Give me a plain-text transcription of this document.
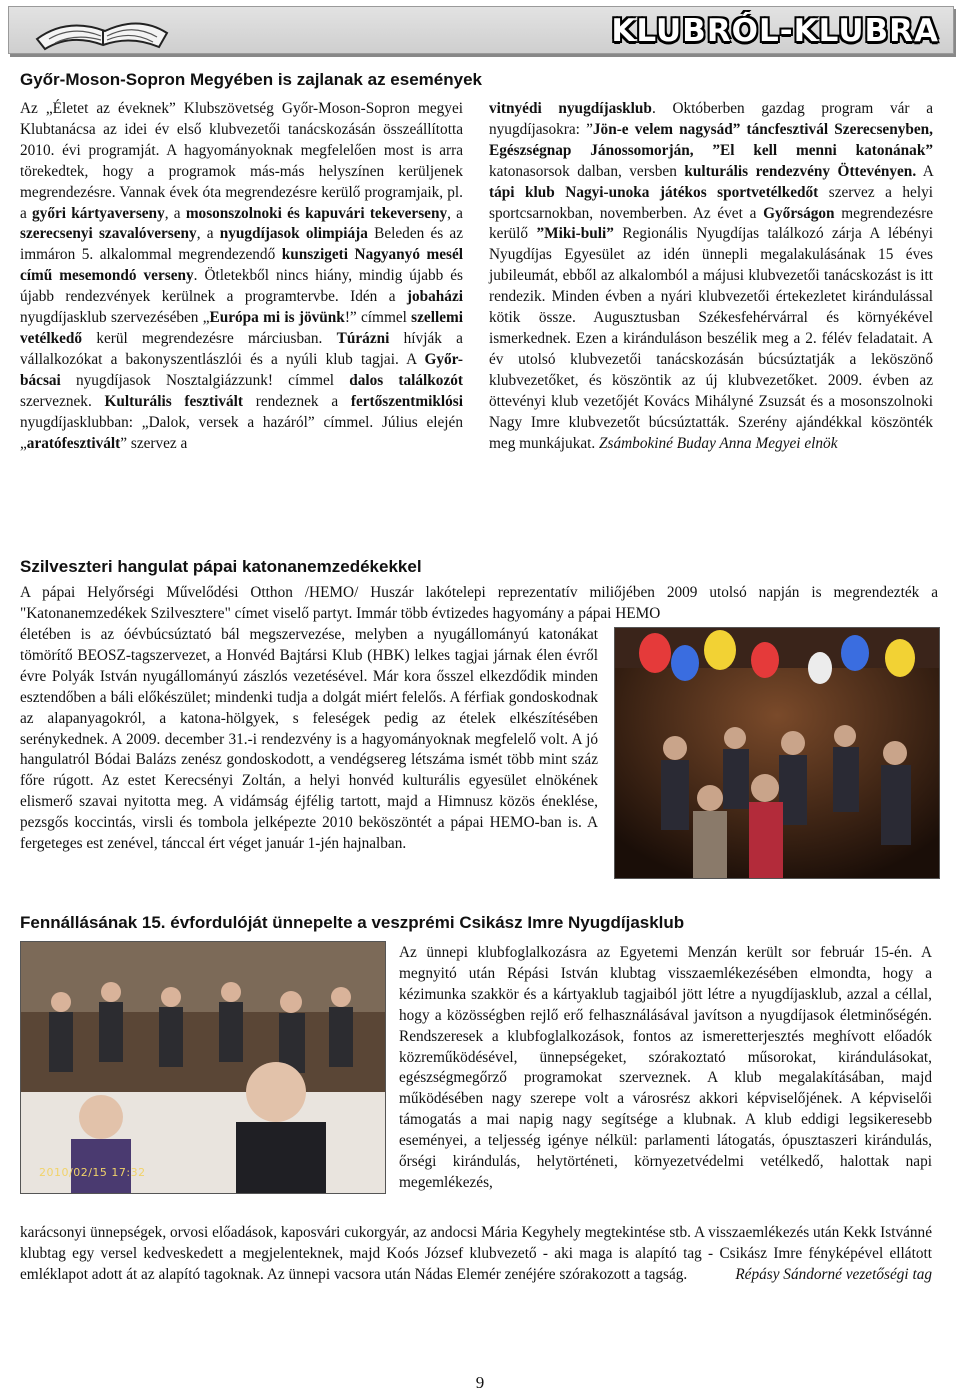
KLUBRÓL-KLUBRA
Győr-Moson-Sopron Megyében is zajlanak az események

Az „Életet az éveknek” Klubszövetség Győr-Moson-Sopron megyei Klubtanácsa az idei év első klubvezetői tanácskozásán összeállította 2010. évi programját. A hagyományoknak megfelelően most is arra törekedtek, hogy a programok más-más helyszínen kerüljenek megrendezésre. Vannak évek óta megrendezésre kerülő programjaik, pl. a győri kártyaverseny, a mosonszolnoki és kapuvári tekeverseny, a szerecsenyi szavalóverseny, a nyugdíjasok olimpiája Beleden és az immáron 5. alkalommal megrendezendő kunszigeti Nagyanyó mesél című mesemondó verseny. Ötletekből nincs hiány, mindig újabb és újabb rendezvények kerülnek a programtervbe. Idén a jobaházi nyugdíjasklub szervezésében „Európa mi is jövünk!” címmel szellemi vetélkedő kerül megrendezésre márciusban. Túrázni hívják a vállalkozókat a bakonyszentlászlói és a nyúli klub tagjai. A Győr-bácsai nyugdíjasok Nosztalgiázzunk! címmel dalos találkozót szerveznek. Kulturális fesztivált rendeznek a fertőszentmiklósi nyugdíjasklubban: „Dalok, versek a hazáról” címmel. Július elején „aratófesztivált” szervez a

vitnyédi nyugdíjasklub. Októberben gazdag program vár a nyugdíjasokra: ”Jön-e velem nagysád” táncfesztivál Szerecsenyben, Egészségnap Jánossomorján, ”El kell menni katonának” katonasorsok dalban, versben kulturális rendezvény Öttevényen. A tápi klub Nagyi-unoka játékos sportvetélkedőt szervez a helyi sportcsarnokban, novemberben. Az évet a Győrságon megrendezésre kerülő ”Miki-buli” Regionális Nyugdíjas találkozó zárja A lébényi Nyugdíjas Egyesület az idén ünnepli megalakulásának 15 éves jubileumát, ebből az alkalomból a májusi klubvezetői tanácskozást is itt rendezik. Minden évben a nyári klubvezetői értekezletet kirándulással kötik össze. Augusztusban Székesfehérvárral és környékével ismerkednek. Ezen a kiránduláson beszélik meg a 2. félév feladatait. A év utolsó klubvezetői tanácskozásán búcsúztatják a leköszönő klubvezetőket, és köszöntik az új klubvezetőket. 2009. évben az öttevényi klub vezetőjét Kovács Mihályné Zsuzsát és a mosonszolnoki Nagy Imre klubvezetőt búcsúztatták. Szerény ajándékkal köszönték meg munkájukat. Zsámbokiné Buday Anna Megyei elnök

Szilveszteri hangulat pápai katonanemzedékekkel

A pápai Helyőrségi Művelődési Otthon /HEMO/ Huszár lakótelepi reprezentatív miliőjében 2009 utolsó napján is megrendezték a "Katonanemzedékek Szilvesztere" címet viselő partyt. Immár több évtizedes hagyomány a pápai HEMO

életében is az óévbúcsúztató bál megszervezése, melyben a nyugállományú katonákat tömörítő BEOSZ-tagszervezet, a Honvéd Bajtársi Klub (HBK) lelkes tagjai járnak élen évről évre Polyák István nyugállományú zászlós vezetésével. Már kora ősszel elkezdődik minden esztendőben a báli előkészület; mindenki tudja a dolgát miért felelős. A férfiak gondoskodnak az alapanyagokról, a katona-hölgyek, s feleségek pedig az ételek elkészítésében serénykednek. A 2009. december 31.-i rendezvény is a hagyományoknak megfelelő volt. A jó hangulatról Bódai Balázs zenész gondoskodott, a vendégsereg létszáma ismét több mint száz főre rúgott. Az estet Kerecsényi Zoltán, a helyi honvéd kulturális egyesület elnökének elismerő szavai nyitotta meg. A vidámság éjfélig tartott, majd a Himnusz közös éneklése, pezsgős koccintás, virsli és tombola jelképezte 2010 beköszöntét a pápai HEMO-ban is. A fergeteges est zenével, tánccal ért véget január 1-jén hajnalban.

Fennállásának 15. évfordulóját ünnepelte a veszprémi Csikász Imre Nyugdíjasklub
2010/02/15 17:32

Az ünnepi klubfoglalkozásra az Egyetemi Menzán került sor február 15-én. A megnyitó után Répási István klubtag visszaemlékezésében elmondta, hogy a kézimunka szakkör és a kártyaklub tagjaiból jött létre a nyugdíjasklub, azzal a céllal, hogy a közösségben rejlő erő felhasználásával javítson a nyugdíjasok életminőségén. Rendszeresek a klubfoglalkozások, fontos az ismeretterjesztés meghívott előadók közreműködésével, ünnepségeket, szórakoztató műsorokat, kirándulásokat, egészségmegőrző programokat szerveznek. A klub megalakításában, majd működésében nagy szerepe volt a városrész akkori képviselőjének. A képviselői támogatás a mai napig nagy segítsége a klubnak. A klub eddigi legsikeresebb eseményei, a teljesség igénye nélkül: parlamenti látogatás, ópusztaszeri kirándulás, őrségi kirándulás, helytörténeti, környezetvédelmi vetélkedő, halottak napi megemlékezés,

karácsonyi ünnepségek, orvosi előadások, kaposvári cukorgyár, az andocsi Mária Kegyhely megtekintése stb. A visszaemlékezés után Kekk Istvánné klubtag egy versel kedveskedett a megjelenteknek, majd Koós József klubvezető - aki maga is alapító tag - Csikász Imre fényképével ellátott emléklapot adott át az alapító tagoknak. Az ünnepi vacsora után Nádas Elemér zenéjére szórakozott a tagság.	Répásy Sándorné vezetőségi tag

9
